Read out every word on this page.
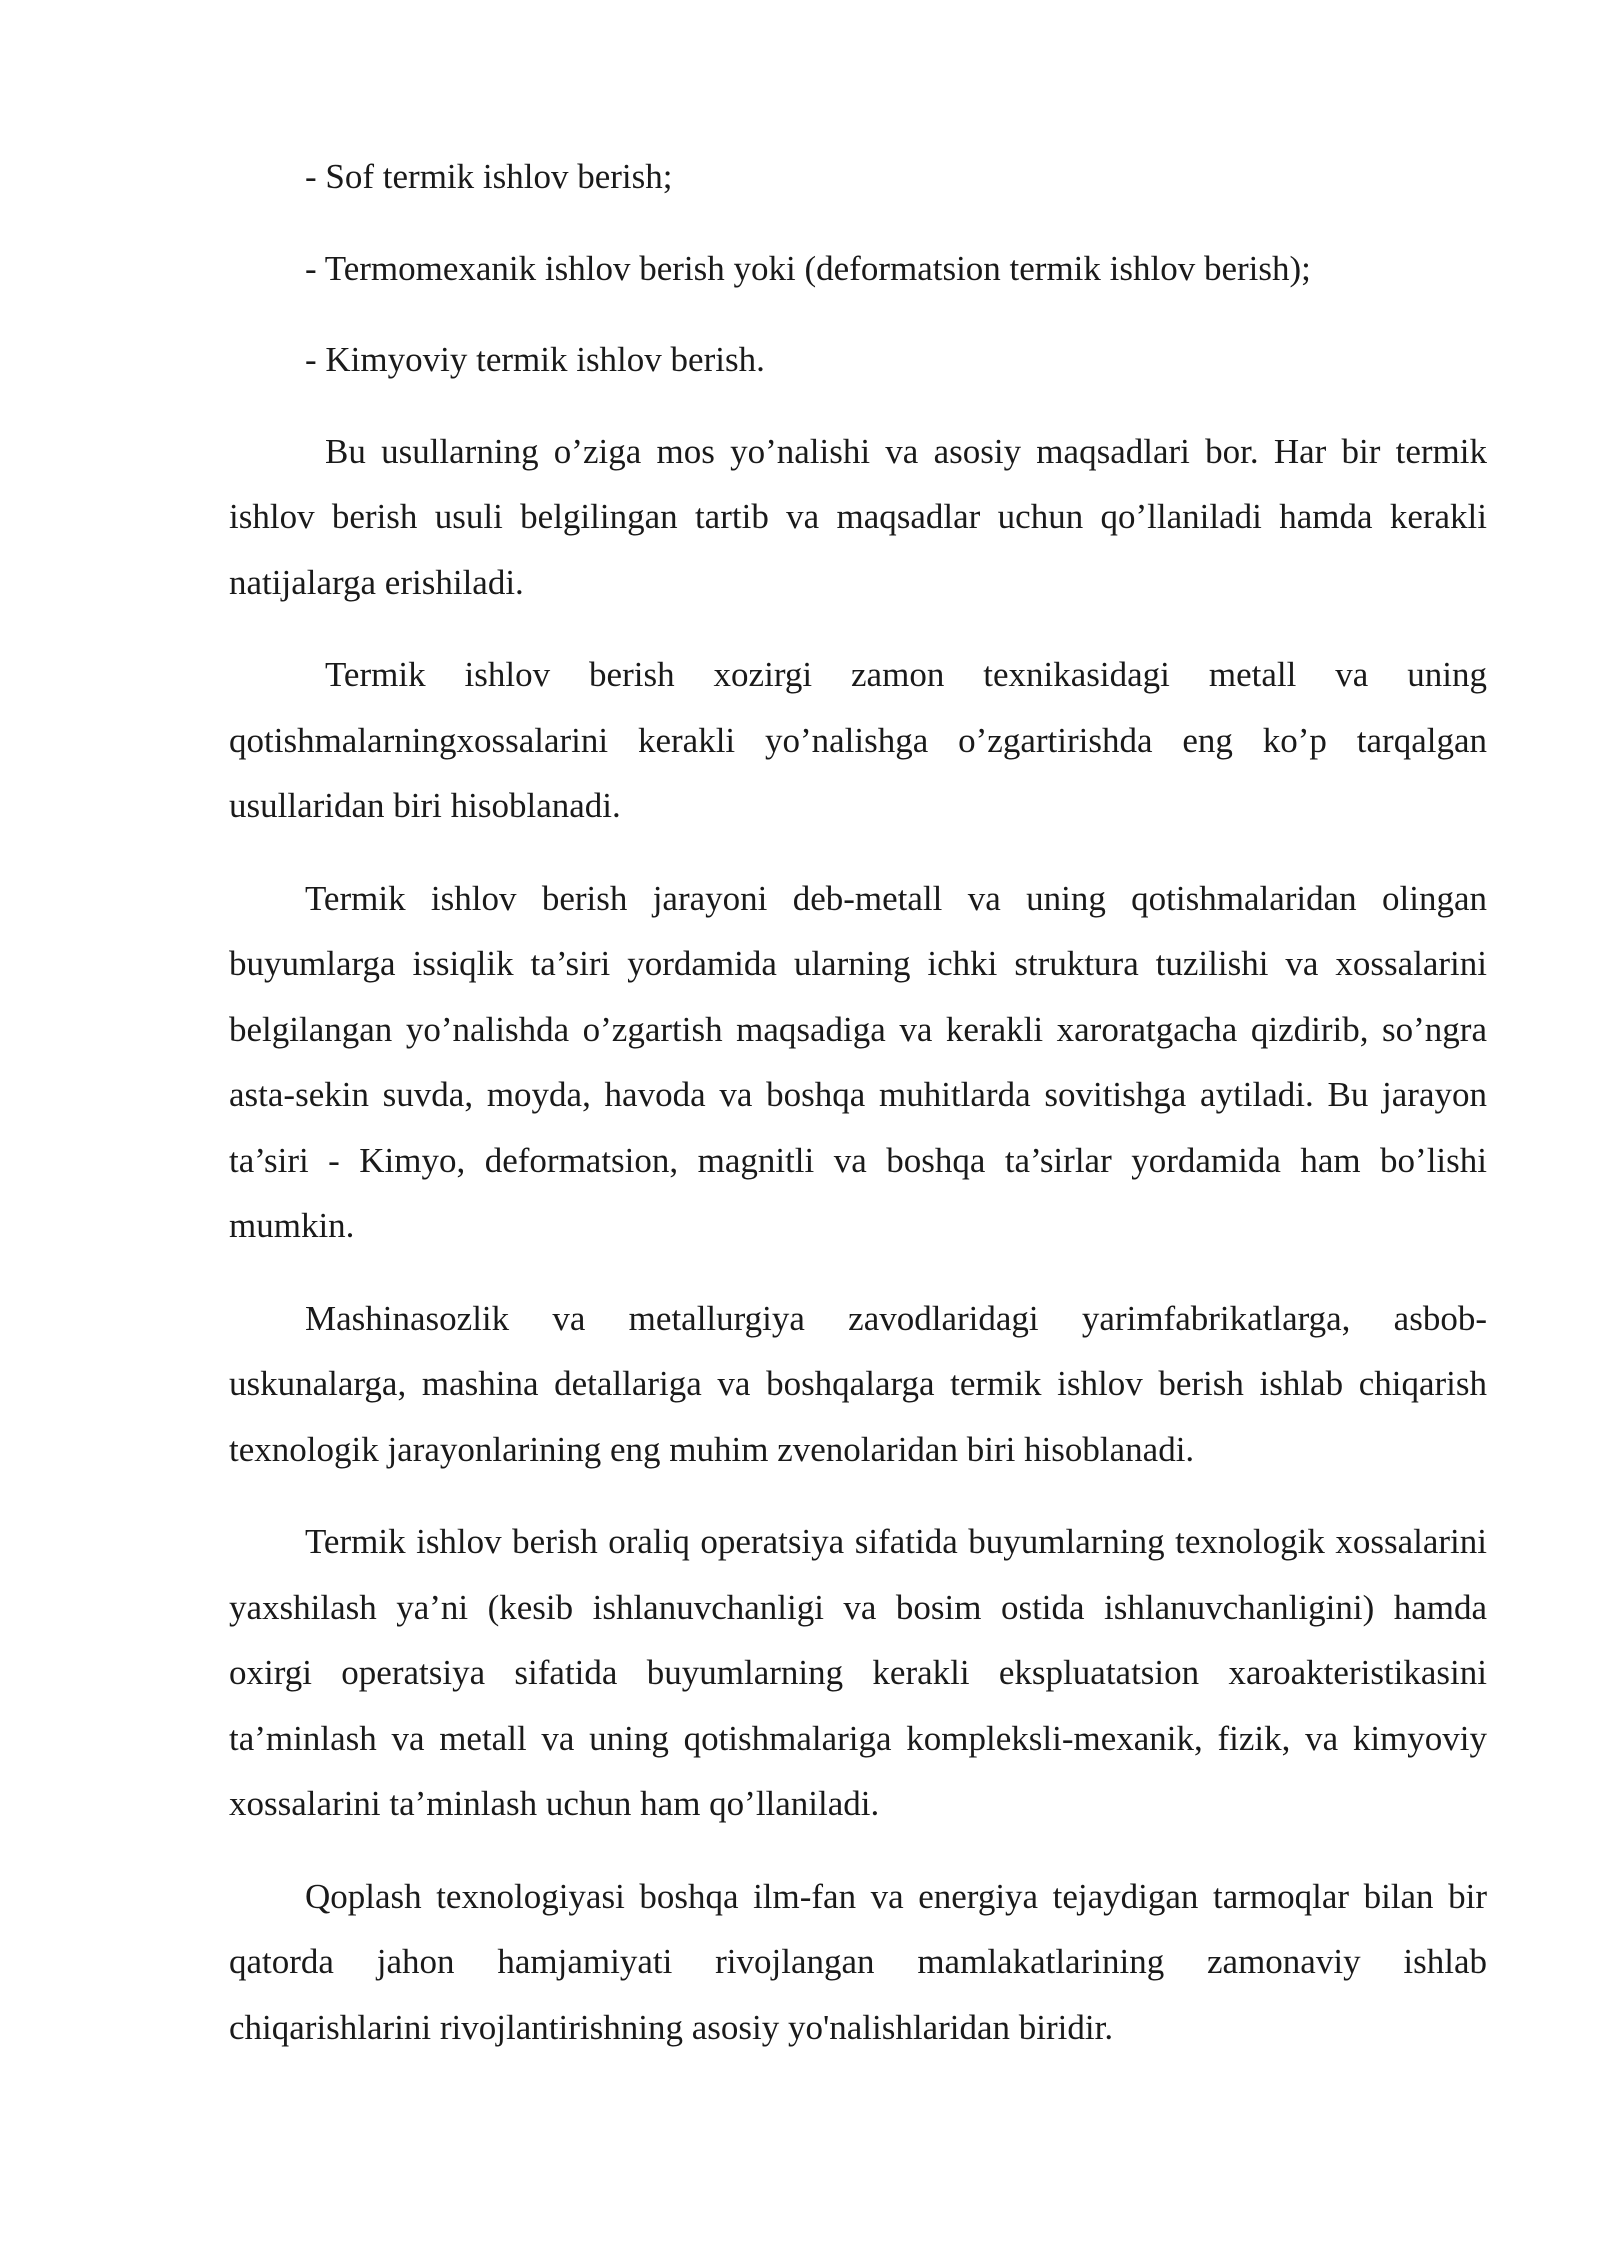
- Sof termik ishlov berish;
- Termomexanik ishlov berish yoki (deformatsion termik ishlov berish);
- Kimyoviy termik ishlov berish.

Bu usullarning o’ziga mos yo’nalishi va asosiy maqsadlari bor. Har bir termik ishlov berish usuli belgilingan tartib va maqsadlar uchun qo’llaniladi hamda kerakli natijalarga erishiladi.

Termik ishlov berish xozirgi zamon texnikasidagi metall va uning qotishmalarningxossalarini kerakli yo’nalishga o’zgartirishda eng ko’p tarqalgan usullaridan biri hisoblanadi.

Termik ishlov berish jarayoni deb-metall va uning qotishmalaridan olingan buyumlarga issiqlik ta’siri yordamida ularning ichki struktura tuzilishi va xossalarini belgilangan yo’nalishda o’zgartish maqsadiga va kerakli xaroratgacha qizdirib, so’ngra asta-sekin suvda, moyda, havoda va boshqa muhitlarda sovitishga aytiladi. Bu jarayon ta’siri - Kimyo, deformatsion, magnitli va boshqa ta’sirlar yordamida ham bo’lishi mumkin.

Mashinasozlik va metallurgiya zavodlaridagi yarimfabrikatlarga, asbob-uskunalarga, mashina detallariga va boshqalarga termik ishlov berish ishlab chiqarish texnologik jarayonlarining eng muhim zvenolaridan biri hisoblanadi.

Termik ishlov berish oraliq operatsiya sifatida buyumlarning texnologik xossalarini yaxshilash ya’ni (kesib ishlanuvchanligi va bosim ostida ishlanuvchanligini) hamda oxirgi operatsiya sifatida buyumlarning kerakli ekspluatatsion xaroakteristikasini ta’minlash va metall va uning qotishmalariga kompleksli-mexanik, fizik, va kimyoviy xossalarini ta’minlash uchun ham qo’llaniladi.

Qoplash texnologiyasi boshqa ilm-fan va energiya tejaydigan tarmoqlar bilan bir qatorda jahon hamjamiyati rivojlangan mamlakatlarining zamonaviy ishlab chiqarishlarini rivojlantirishning asosiy yo'nalishlaridan biridir.
